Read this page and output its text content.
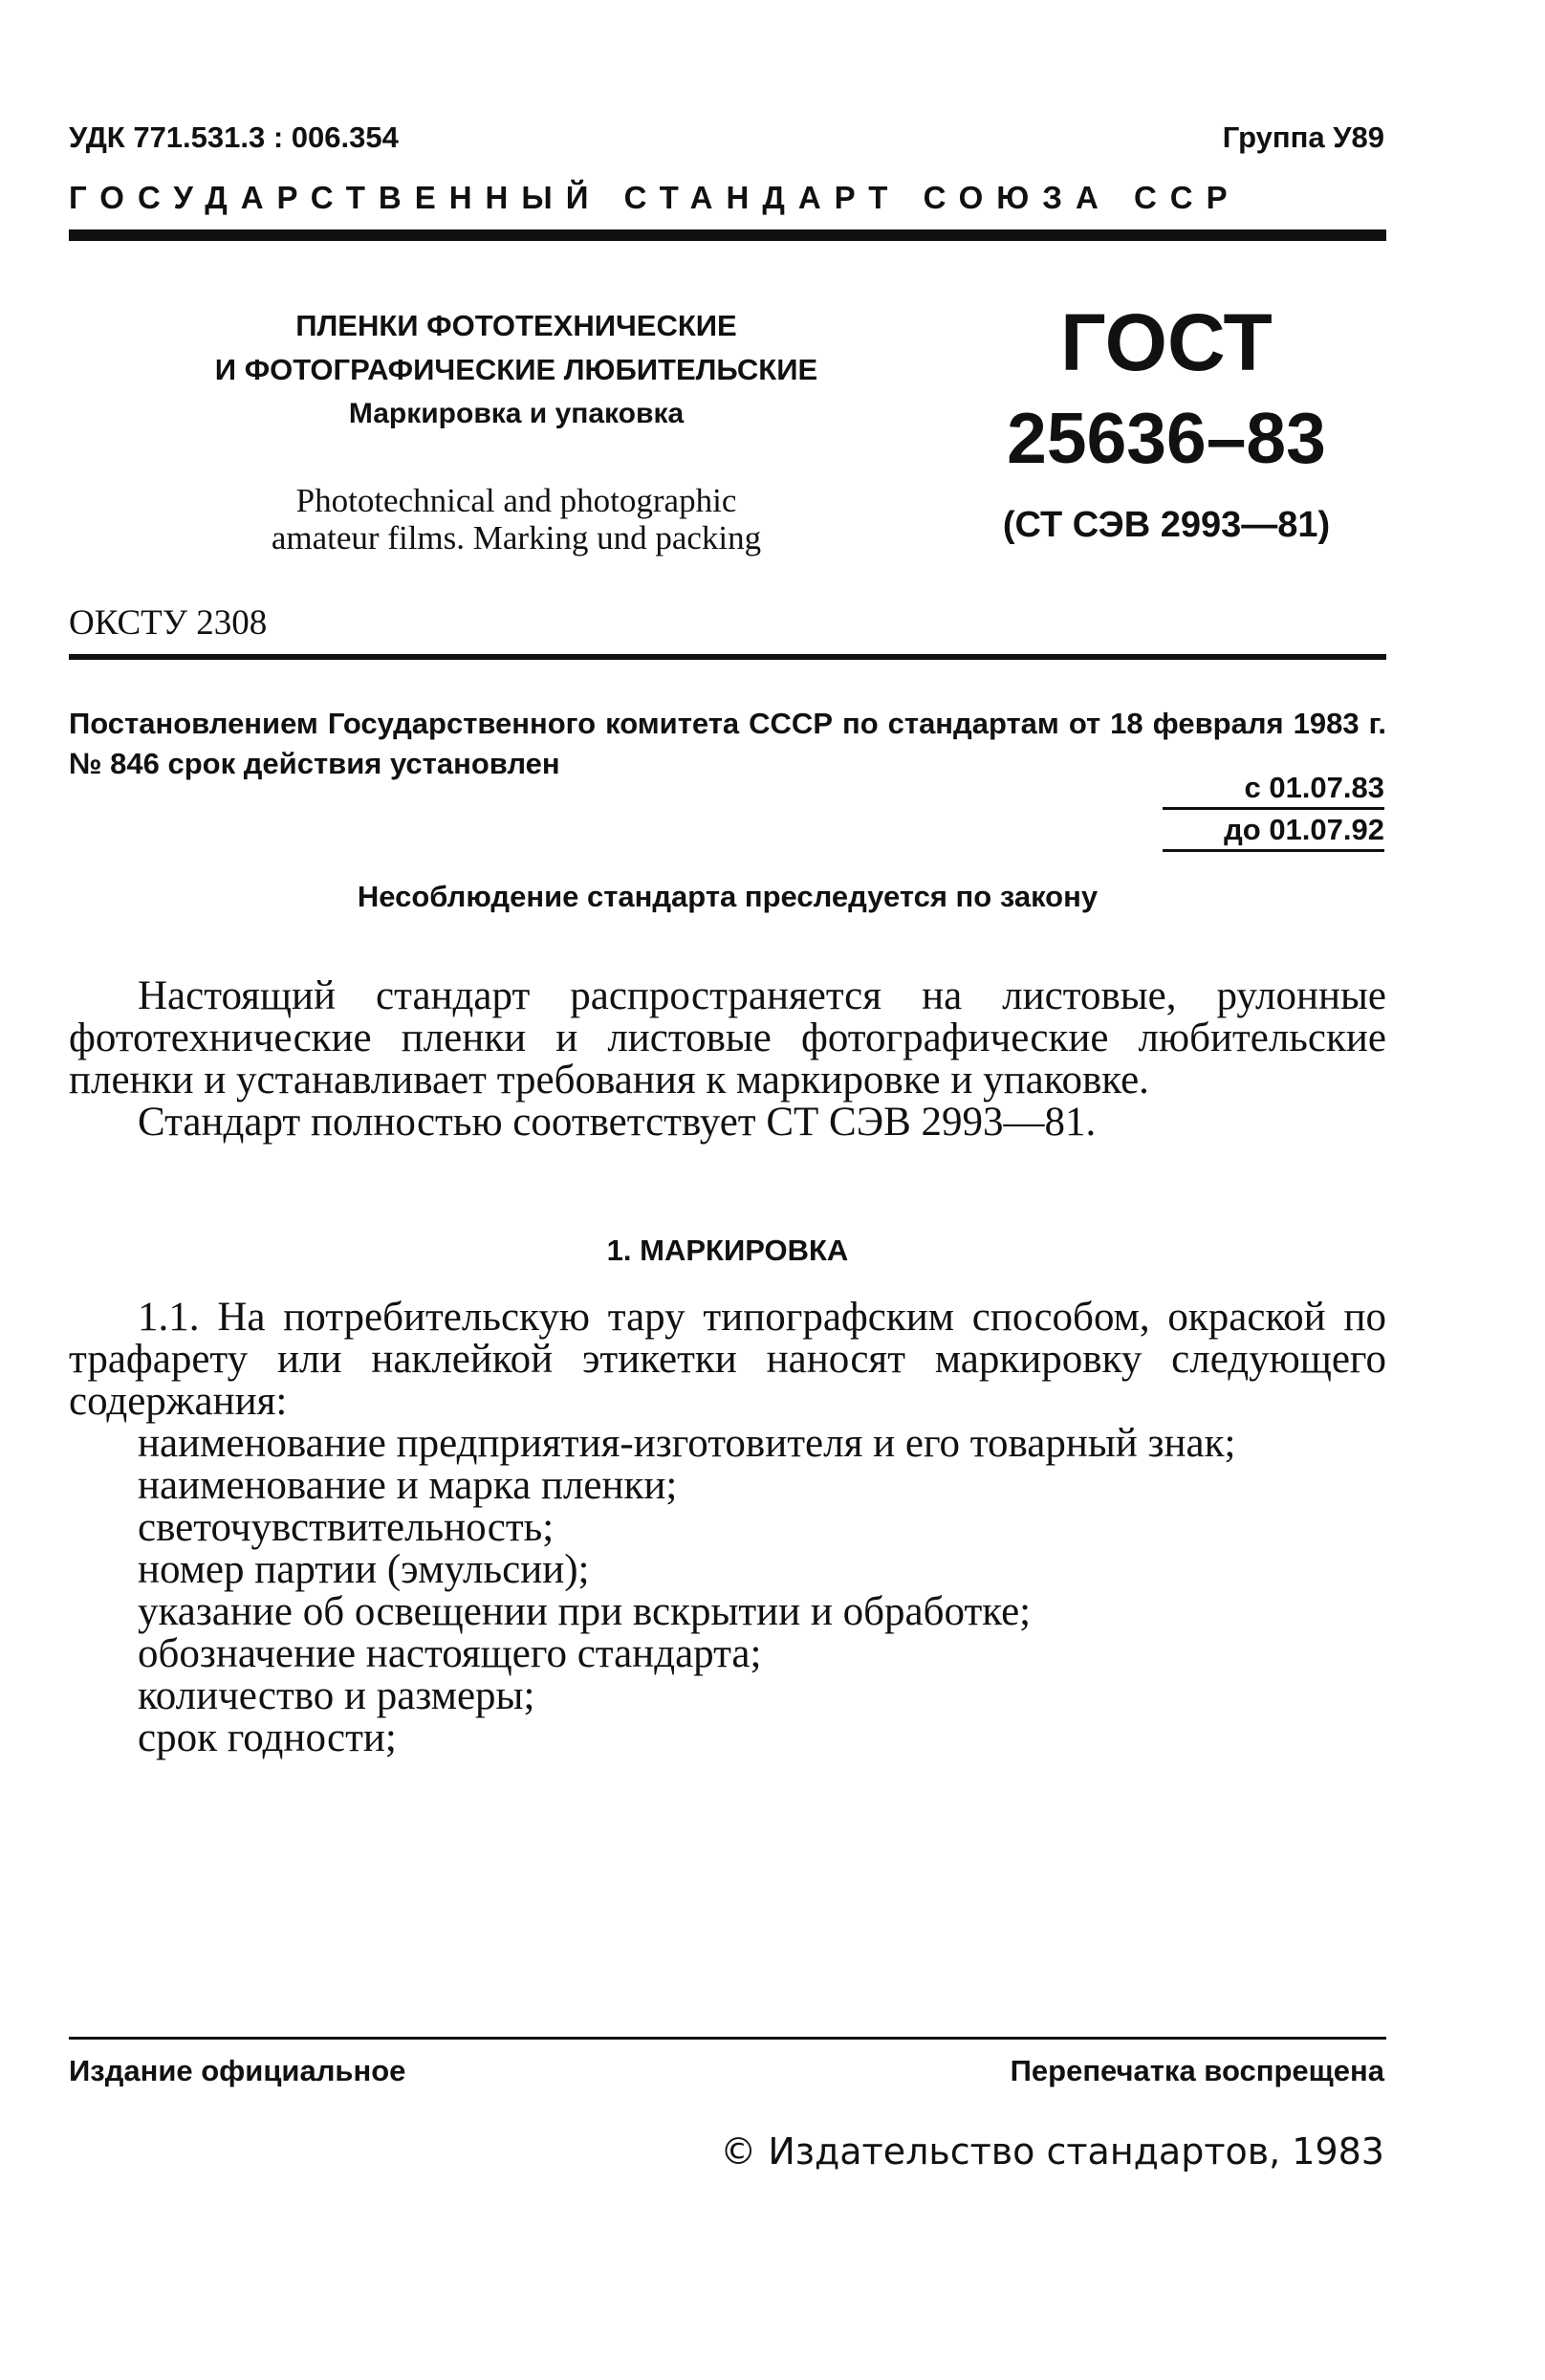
УДК 771.531.3 : 006.354	Группа У89
ГОСУДАРСТВЕННЫЙ СТАНДАРТ СОЮЗА ССР
ПЛЕНКИ ФОТОТЕХНИЧЕСКИЕ
И ФОТОГРАФИЧЕСКИЕ ЛЮБИТЕЛЬСКИЕ
Маркировка и упаковка
Phototechnical and photographic
amateur films. Marking und packing
ГОСТ
25636–83
(СТ СЭВ 2993—81)
ОКСТУ 2308
Постановлением Государственного комитета СССР по стандартам от 18 февраля 1983 г. № 846 срок действия установлен
с 01.07.83
до 01.07.92
Несоблюдение стандарта преследуется по закону

Настоящий стандарт распространяется на листовые, рулонные фототехнические пленки и листовые фотографические любительские пленки и устанавливает требования к маркировке и упаковке.

Стандарт полностью соответствует СТ СЭВ 2993—81.

1. МАРКИРОВКА

1.1. На потребительскую тару типографским способом, окраской по трафарету или наклейкой этикетки наносят маркировку следующего содержания:

наименование предприятия-изготовителя и его товарный знак;
наименование и марка пленки;
светочувствительность;
номер партии (эмульсии);
указание об освещении при вскрытии и обработке;
обозначение настоящего стандарта;
количество и размеры;
срок годности;
Издание официальное	Перепечатка воспрещена
© Издательство стандартов, 1983
